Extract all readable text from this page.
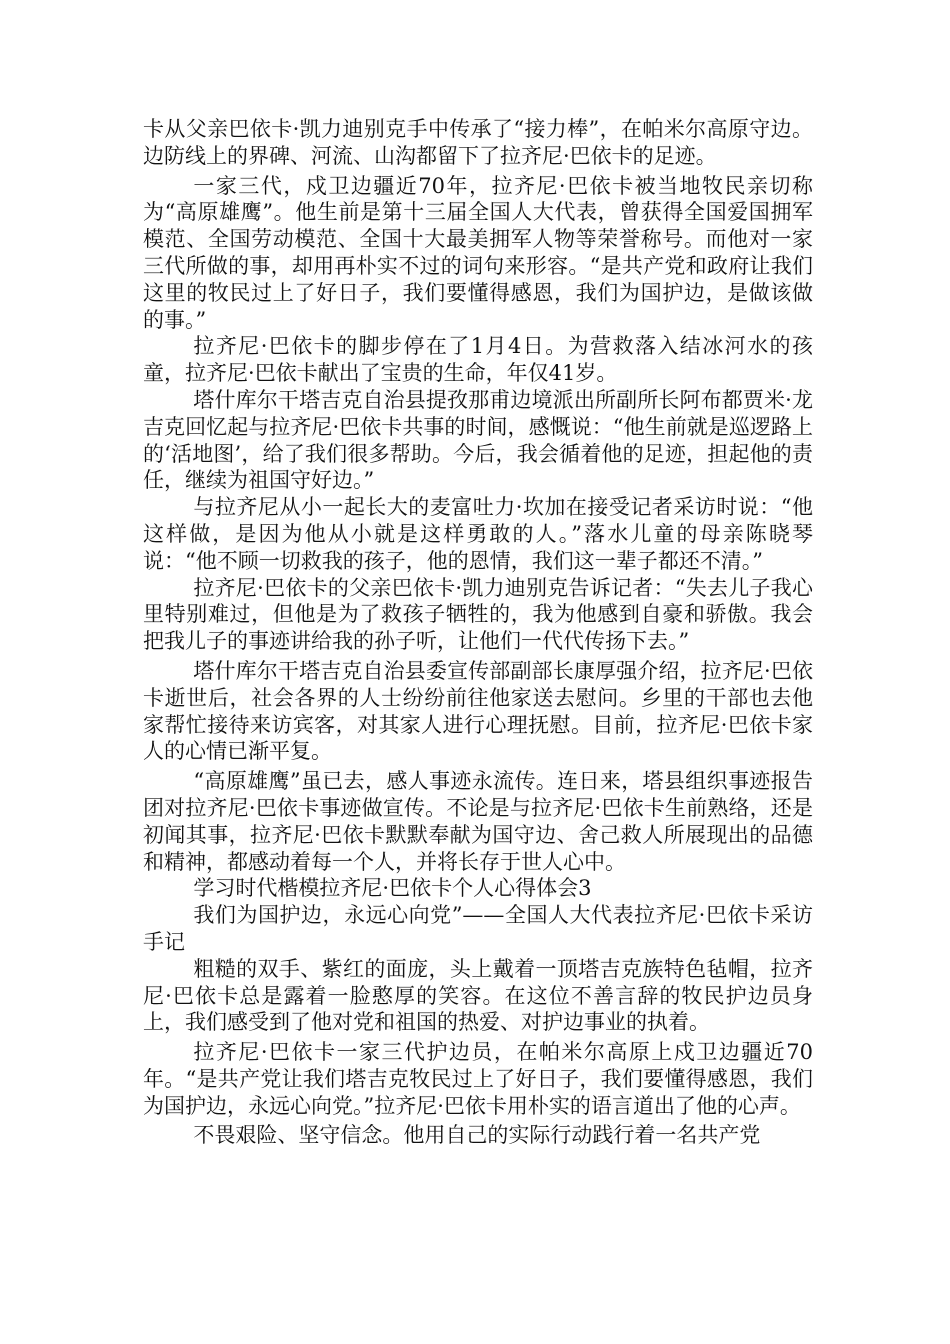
卡从父亲巴依卡·凯力迪别克手中传承了“接力棒”，在帕米尔高原守边。边防线上的界碑、河流、山沟都留下了拉齐尼·巴依卡的足迹。

一家三代，戍卫边疆近70年，拉齐尼·巴依卡被当地牧民亲切称为“高原雄鹰”。他生前是第十三届全国人大代表，曾获得全国爱国拥军模范、全国劳动模范、全国十大最美拥军人物等荣誉称号。而他对一家三代所做的事，却用再朴实不过的词句来形容。“是共产党和政府让我们这里的牧民过上了好日子，我们要懂得感恩，我们为国护边，是做该做的事。”

拉齐尼·巴依卡的脚步停在了1月4日。为营救落入结冰河水的孩童，拉齐尼·巴依卡献出了宝贵的生命，年仅41岁。

塔什库尔干塔吉克自治县提孜那甫边境派出所副所长阿布都贾米·龙吉克回忆起与拉齐尼·巴依卡共事的时间，感慨说：“他生前就是巡逻路上的‘活地图’，给了我们很多帮助。今后，我会循着他的足迹，担起他的责任，继续为祖国守好边。”

与拉齐尼从小一起长大的麦富吐力·坎加在接受记者采访时说：“他这样做，是因为他从小就是这样勇敢的人。”落水儿童的母亲陈晓琴说：“他不顾一切救我的孩子，他的恩情，我们这一辈子都还不清。”

拉齐尼·巴依卡的父亲巴依卡·凯力迪别克告诉记者：“失去儿子我心里特别难过，但他是为了救孩子牺牲的，我为他感到自豪和骄傲。我会把我儿子的事迹讲给我的孙子听，让他们一代代传扬下去。”

塔什库尔干塔吉克自治县委宣传部副部长康厚强介绍，拉齐尼·巴依卡逝世后，社会各界的人士纷纷前往他家送去慰问。乡里的干部也去他家帮忙接待来访宾客，对其家人进行心理抚慰。目前，拉齐尼·巴依卡家人的心情已渐平复。

“高原雄鹰”虽已去，感人事迹永流传。连日来，塔县组织事迹报告团对拉齐尼·巴依卡事迹做宣传。不论是与拉齐尼·巴依卡生前熟络，还是初闻其事，拉齐尼·巴依卡默默奉献为国守边、舍己救人所展现出的品德和精神，都感动着每一个人，并将长存于世人心中。

学习时代楷模拉齐尼·巴依卡个人心得体会3

我们为国护边，永远心向党”——全国人大代表拉齐尼·巴依卡采访手记

粗糙的双手、紫红的面庞，头上戴着一顶塔吉克族特色毡帽，拉齐尼·巴依卡总是露着一脸憨厚的笑容。在这位不善言辞的牧民护边员身上，我们感受到了他对党和祖国的热爱、对护边事业的执着。

拉齐尼·巴依卡一家三代护边员，在帕米尔高原上戍卫边疆近70年。“是共产党让我们塔吉克牧民过上了好日子，我们要懂得感恩，我们为国护边，永远心向党。”拉齐尼·巴依卡用朴实的语言道出了他的心声。

不畏艰险、坚守信念。他用自己的实际行动践行着一名共产党
